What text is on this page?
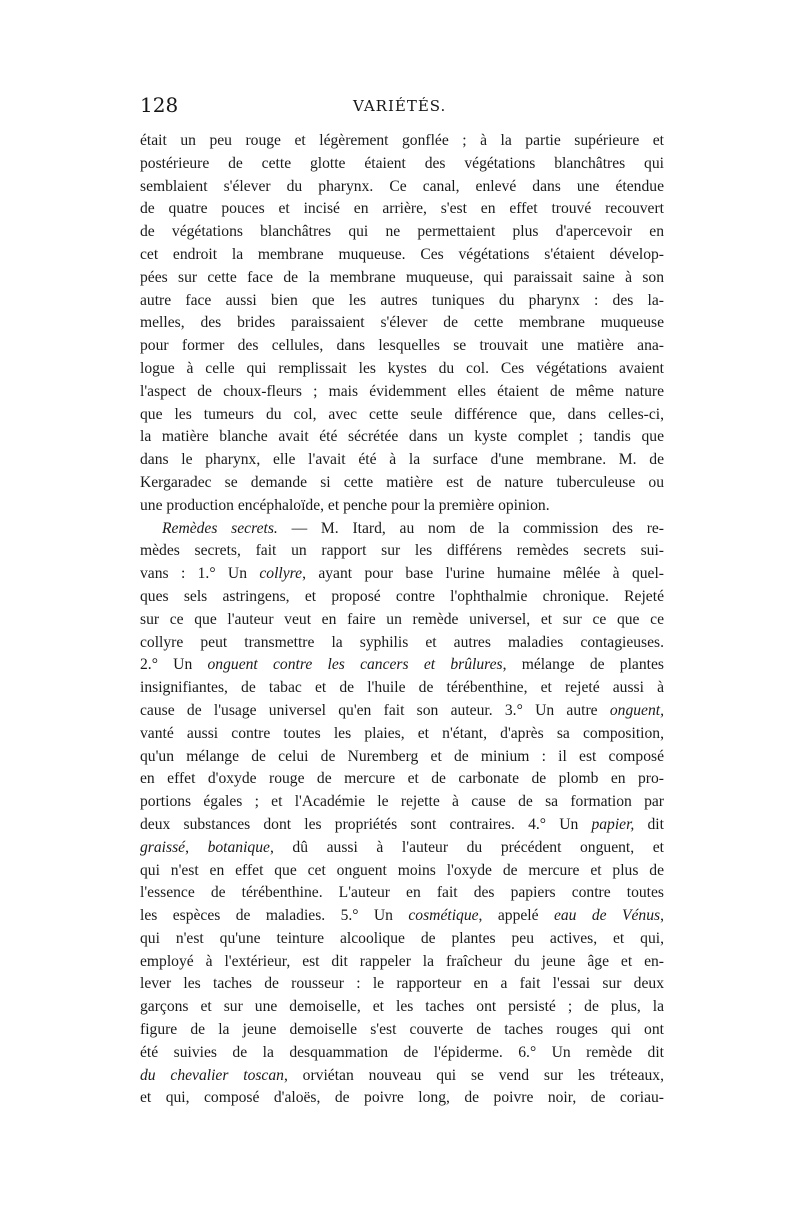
128	VARIÉTÉS.
était un peu rouge et légèrement gonflée ; à la partie supérieure et
postérieure de cette glotte étaient des végétations blanchâtres qui
semblaient s'élever du pharynx. Ce canal, enlevé dans une étendue
de quatre pouces et incisé en arrière, s'est en effet trouvé recouvert
de végétations blanchâtres qui ne permettaient plus d'apercevoir en
cet endroit la membrane muqueuse. Ces végétations s'étaient dévelop-
pées sur cette face de la membrane muqueuse, qui paraissait saine à son
autre face aussi bien que les autres tuniques du pharynx : des la-
melles, des brides paraissaient s'élever de cette membrane muqueuse
pour former des cellules, dans lesquelles se trouvait une matière ana-
logue à celle qui remplissait les kystes du col. Ces végétations avaient
l'aspect de choux-fleurs ; mais évidemment elles étaient de même nature
que les tumeurs du col, avec cette seule différence que, dans celles-ci,
la matière blanche avait été sécrétée dans un kyste complet ; tandis que
dans le pharynx, elle l'avait été à la surface d'une membrane. M. de
Kergaradec se demande si cette matière est de nature tuberculeuse ou
une production encéphaloïde, et penche pour la première opinion.
Remèdes secrets. — M. Itard, au nom de la commission des re-
mèdes secrets, fait un rapport sur les différens remèdes secrets sui-
vans : 1.° Un collyre, ayant pour base l'urine humaine mêlée à quel-
ques sels astringens, et proposé contre l'ophthalmie chronique. Rejeté
sur ce que l'auteur veut en faire un remède universel, et sur ce que ce
collyre peut transmettre la syphilis et autres maladies contagieuses.
2.° Un onguent contre les cancers et brûlures, mélange de plantes
insignifiantes, de tabac et de l'huile de térébenthine, et rejeté aussi à
cause de l'usage universel qu'en fait son auteur. 3.° Un autre onguent,
vanté aussi contre toutes les plaies, et n'étant, d'après sa composition,
qu'un mélange de celui de Nuremberg et de minium : il est composé
en effet d'oxyde rouge de mercure et de carbonate de plomb en pro-
portions égales ; et l'Académie le rejette à cause de sa formation par
deux substances dont les propriétés sont contraires. 4.° Un papier, dit
graissé, botanique, dû aussi à l'auteur du précédent onguent, et
qui n'est en effet que cet onguent moins l'oxyde de mercure et plus de
l'essence de térébenthine. L'auteur en fait des papiers contre toutes
les espèces de maladies. 5.° Un cosmétique, appelé eau de Vénus,
qui n'est qu'une teinture alcoolique de plantes peu actives, et qui,
employé à l'extérieur, est dit rappeler la fraîcheur du jeune âge et en-
lever les taches de rousseur : le rapporteur en a fait l'essai sur deux
garçons et sur une demoiselle, et les taches ont persisté ; de plus, la
figure de la jeune demoiselle s'est couverte de taches rouges qui ont
été suivies de la desquammation de l'épiderme. 6.° Un remède dit
du chevalier toscan, orviétan nouveau qui se vend sur les tréteaux,
et qui, composé d'aloës, de poivre long, de poivre noir, de coriau-
